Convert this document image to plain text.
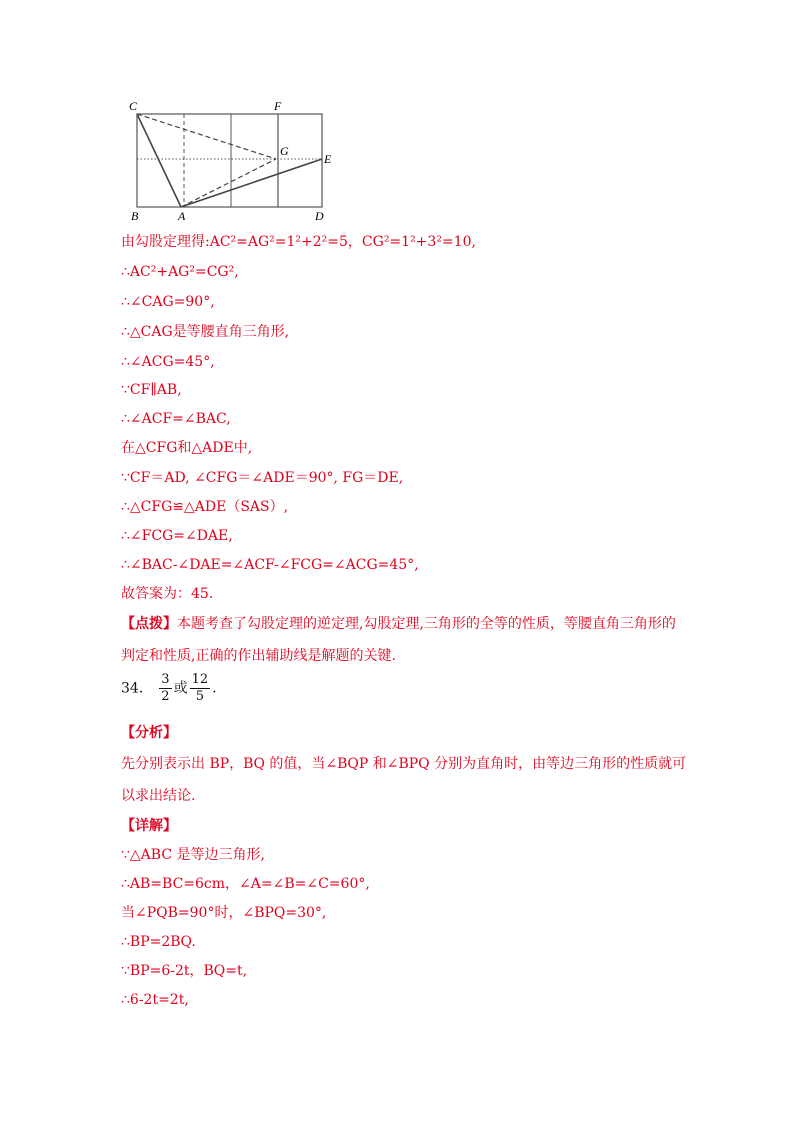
C	F
G
E
B	A	D
由勾股定理得:AC²=AG²=1²+2²=5，CG²=1²+3²=10,
∴AC²+AG²=CG²,
∴∠CAG=90°,
∴△CAG是等腰直角三角形,
∴∠ACG=45°,
∵CF∥AB,
∴∠ACF=∠BAC,
在△CFG和△ADE中,
∵CF＝AD, ∠CFG＝∠ADE＝90°, FG＝DE,
∴△CFG≌△ADE（SAS）,
∴∠FCG=∠DAE,
∴∠BAC-∠DAE=∠ACF-∠FCG=∠ACG=45°,
故答案为：45.
【点拨】本题考查了勾股定理的逆定理,勾股定理,三角形的全等的性质，等腰直角三角形的
判定和性质,正确的作出辅助线是解题的关键.
34． $\frac{3}{2}$ 或 $\frac{12}{5}$ .
【分析】
先分别表示出 BP，BQ 的值，当∠BQP 和∠BPQ 分别为直角时，由等边三角形的性质就可
以求出结论.
【详解】
∵△ABC 是等边三角形,
∴AB=BC=6cm，∠A=∠B=∠C=60°,
当∠PQB=90°时，∠BPQ=30°,
∴BP=2BQ.
∵BP=6-2t，BQ=t,
∴6-2t=2t,
